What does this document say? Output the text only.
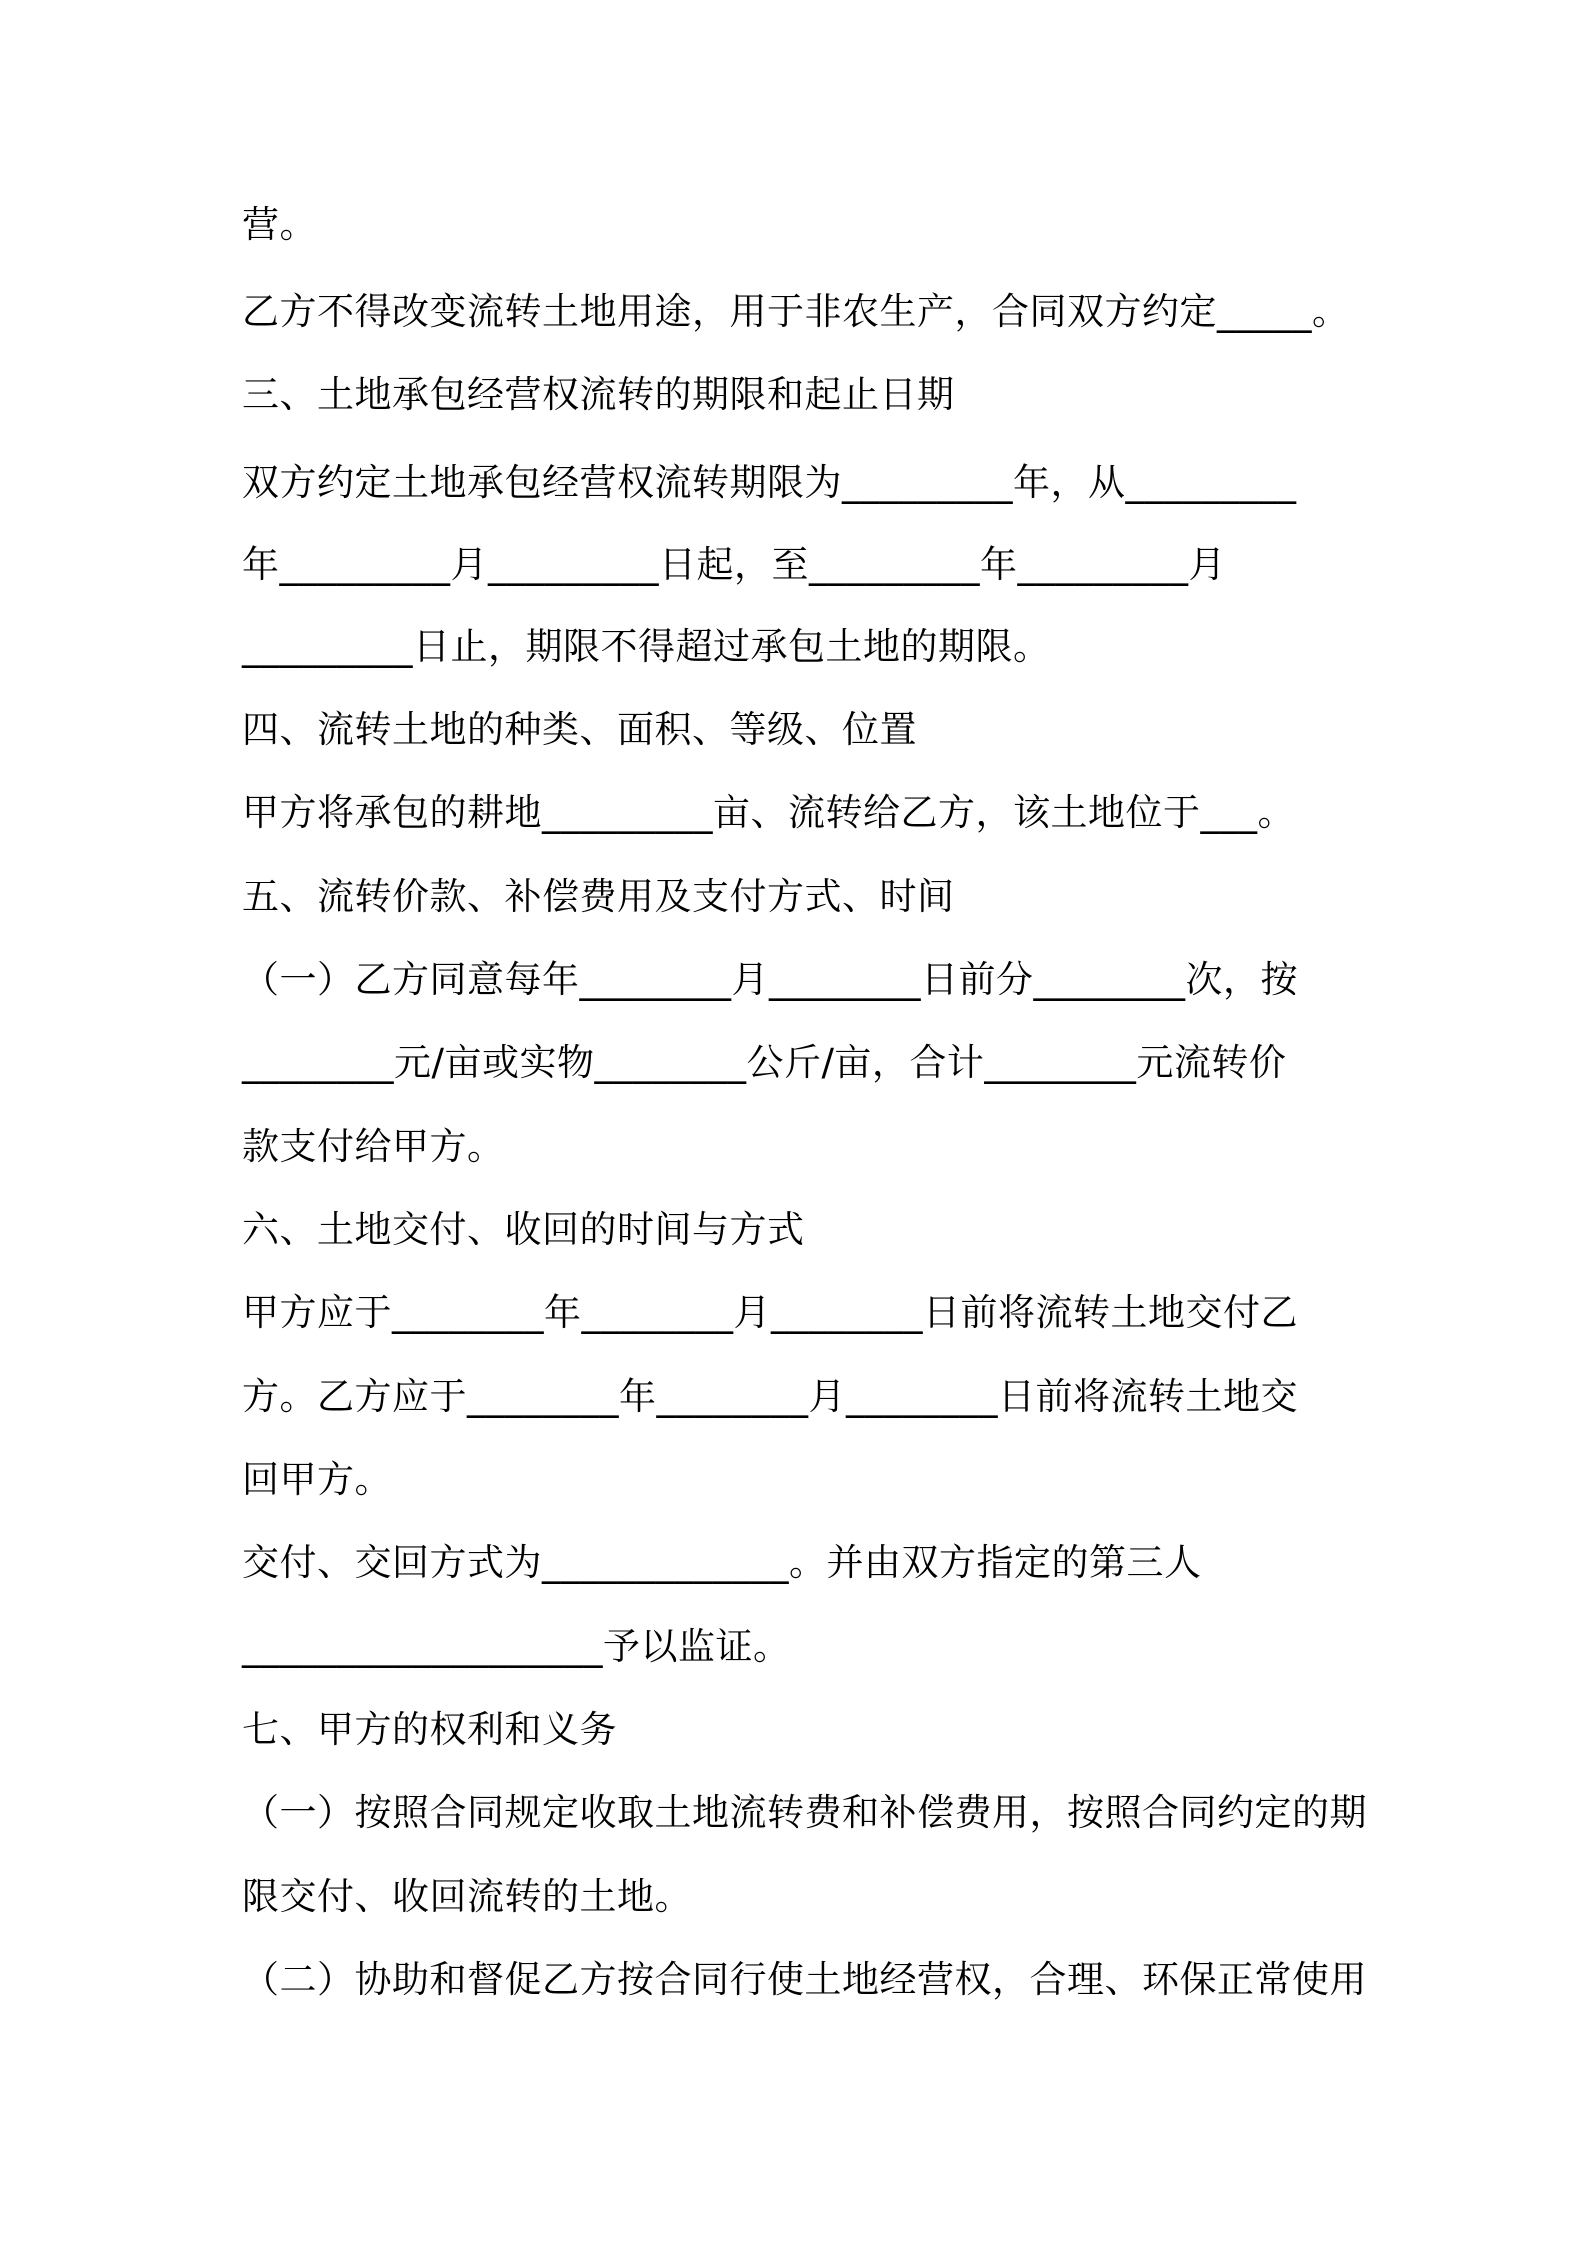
营。
乙方不得改变流转土地用途，用于非农生产，合同双方约定_____。
三、土地承包经营权流转的期限和起止日期
双方约定土地承包经营权流转期限为_________年，从_________
年_________月_________日起，至_________年_________月
_________日止，期限不得超过承包土地的期限。
四、流转土地的种类、面积、等级、位置
甲方将承包的耕地_________亩、流转给乙方，该土地位于___。
五、流转价款、补偿费用及支付方式、时间
（一）乙方同意每年________月________日前分________次，按
________元/亩或实物________公斤/亩，合计________元流转价
款支付给甲方。
六、土地交付、收回的时间与方式
甲方应于________年________月________日前将流转土地交付乙
方。乙方应于________年________月________日前将流转土地交
回甲方。
交付、交回方式为_____________。并由双方指定的第三人
___________________予以监证。
七、甲方的权利和义务
（一）按照合同规定收取土地流转费和补偿费用，按照合同约定的期
限交付、收回流转的土地。
（二）协助和督促乙方按合同行使土地经营权，合理、环保正常使用
